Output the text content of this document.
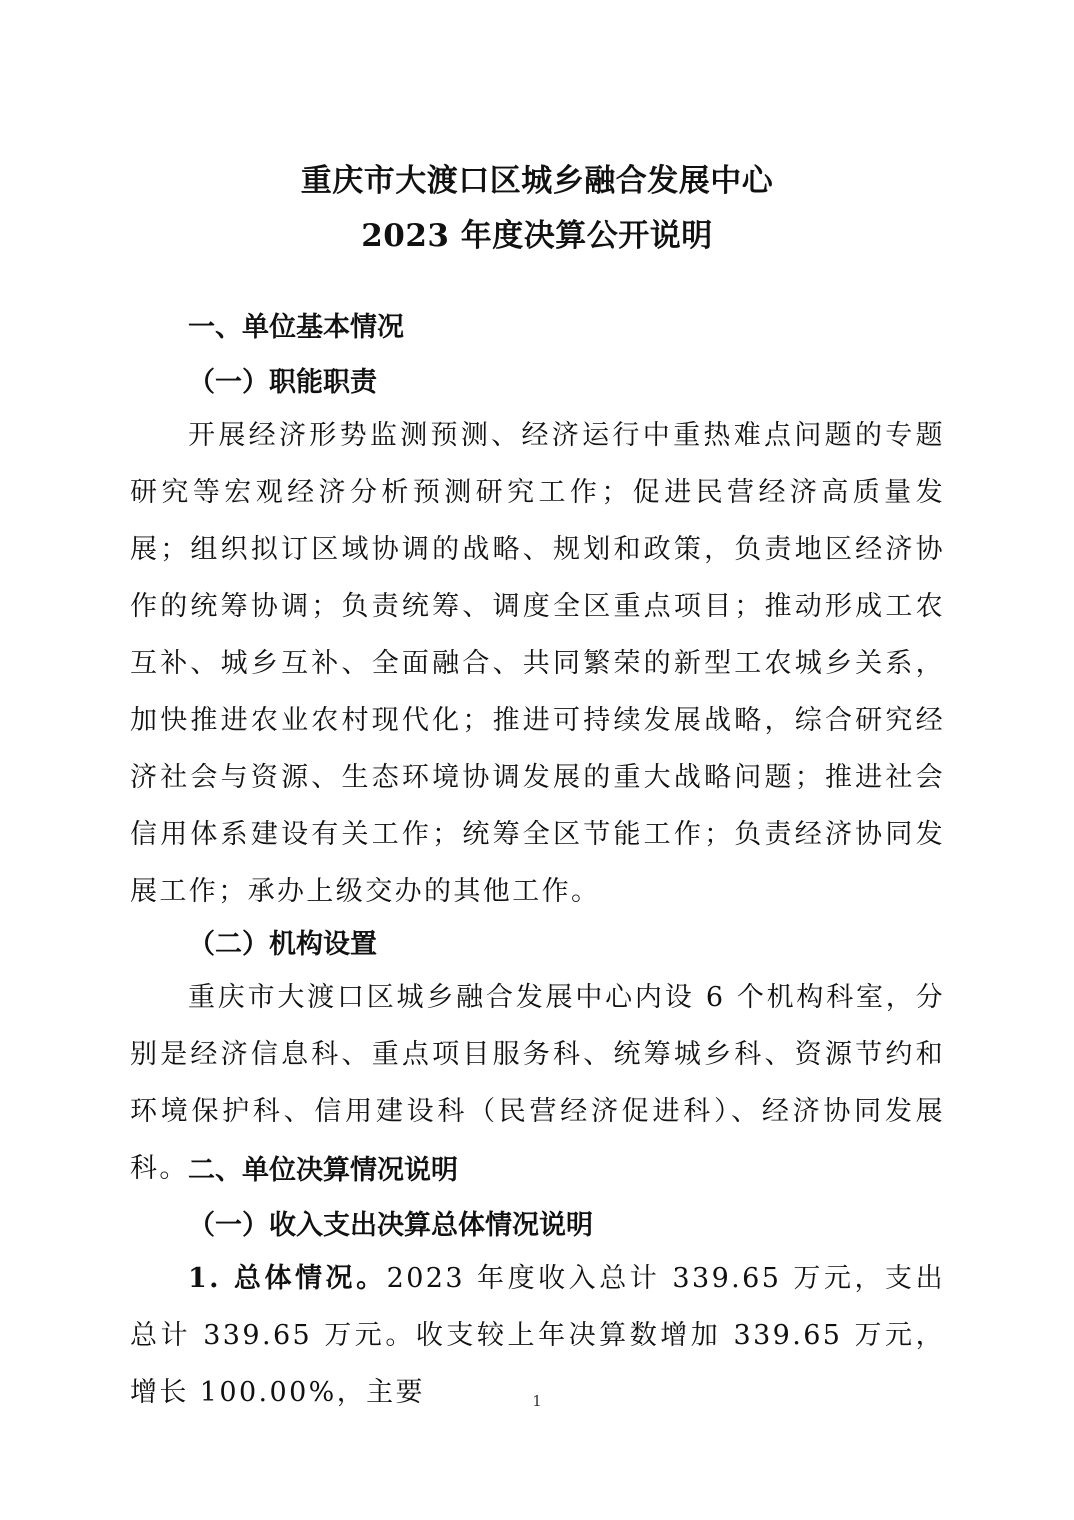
重庆市大渡口区城乡融合发展中心
2023 年度决算公开说明
一、单位基本情况
（一）职能职责

开展经济形势监测预测、经济运行中重热难点问题的专题研究等宏观经济分析预测研究工作；促进民营经济高质量发展；组织拟订区域协调的战略、规划和政策，负责地区经济协作的统筹协调；负责统筹、调度全区重点项目；推动形成工农互补、城乡互补、全面融合、共同繁荣的新型工农城乡关系，加快推进农业农村现代化；推进可持续发展战略，综合研究经济社会与资源、生态环境协调发展的重大战略问题；推进社会信用体系建设有关工作；统筹全区节能工作；负责经济协同发展工作；承办上级交办的其他工作。

（二）机构设置

重庆市大渡口区城乡融合发展中心内设 6 个机构科室，分别是经济信息科、重点项目服务科、统筹城乡科、资源节约和环境保护科、信用建设科（民营经济促进科）、经济协同发展科。 二、单位决算情况说明
（一）收入支出决算总体情况说明

1. 总体情况。2023 年度收入总计 339.65 万元，支出总计 339.65 万元。收支较上年决算数增加 339.65 万元，增长 100.00%，主要	1
